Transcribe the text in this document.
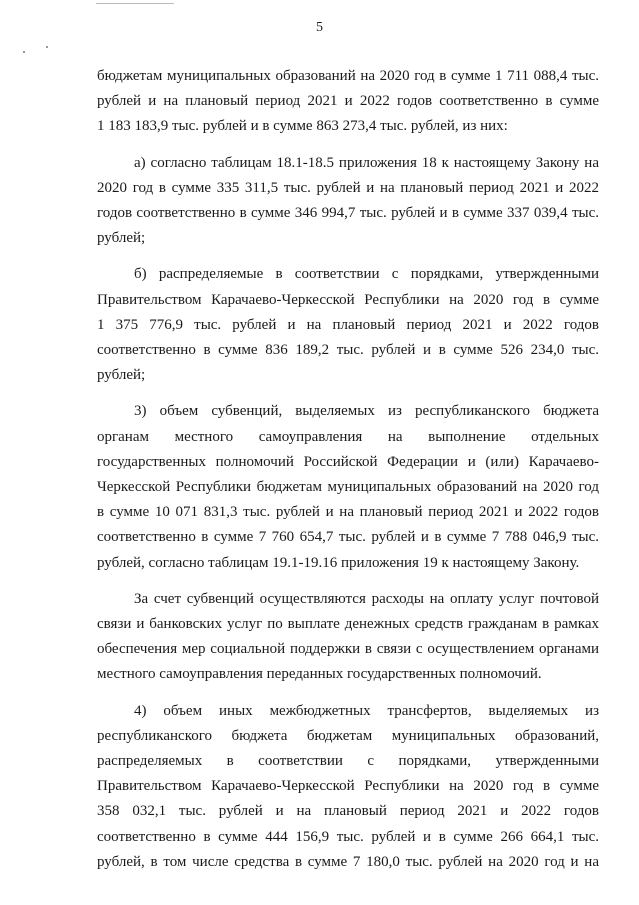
5
бюджетам муниципальных образований на 2020 год в сумме 1 711 088,4 тыс.
рублей и на плановый период 2021 и 2022 годов соответственно в сумме
1 183 183,9 тыс. рублей и в сумме 863 273,4 тыс. рублей, из них:
а) согласно таблицам 18.1-18.5 приложения 18 к настоящему Закону на
2020 год в сумме 335 311,5 тыс. рублей и на плановый период 2021 и 2022
годов соответственно в сумме 346 994,7 тыс. рублей и в сумме 337 039,4 тыс.
рублей;
б) распределяемые в соответствии с порядками, утвержденными
Правительством Карачаево-Черкесской Республики на 2020 год в сумме
1 375 776,9 тыс. рублей и на плановый период 2021 и 2022 годов
соответственно в сумме 836 189,2 тыс. рублей и в сумме 526 234,0 тыс.
рублей;
3) объем субвенций, выделяемых из республиканского бюджета
органам местного самоуправления на выполнение отдельных
государственных полномочий Российской Федерации и (или) Карачаево-
Черкесской Республики бюджетам муниципальных образований на 2020 год
в сумме 10 071 831,3 тыс. рублей и на плановый период 2021 и 2022 годов
соответственно в сумме 7 760 654,7 тыс. рублей и в сумме 7 788 046,9 тыс.
рублей, согласно таблицам 19.1-19.16 приложения 19 к настоящему Закону.
За счет субвенций осуществляются расходы на оплату услуг почтовой
связи и банковских услуг по выплате денежных средств гражданам в рамках
обеспечения мер социальной поддержки в связи с осуществлением органами
местного самоуправления переданных государственных полномочий.
4) объем иных межбюджетных трансфертов, выделяемых из
республиканского бюджета бюджетам муниципальных образований,
распределяемых в соответствии с порядками, утвержденными
Правительством Карачаево-Черкесской Республики на 2020 год в сумме
358 032,1 тыс. рублей и на плановый период 2021 и 2022 годов
соответственно в сумме 444 156,9 тыс. рублей и в сумме 266 664,1 тыс.
рублей, в том числе средства в сумме 7 180,0 тыс. рублей на 2020 год и на
